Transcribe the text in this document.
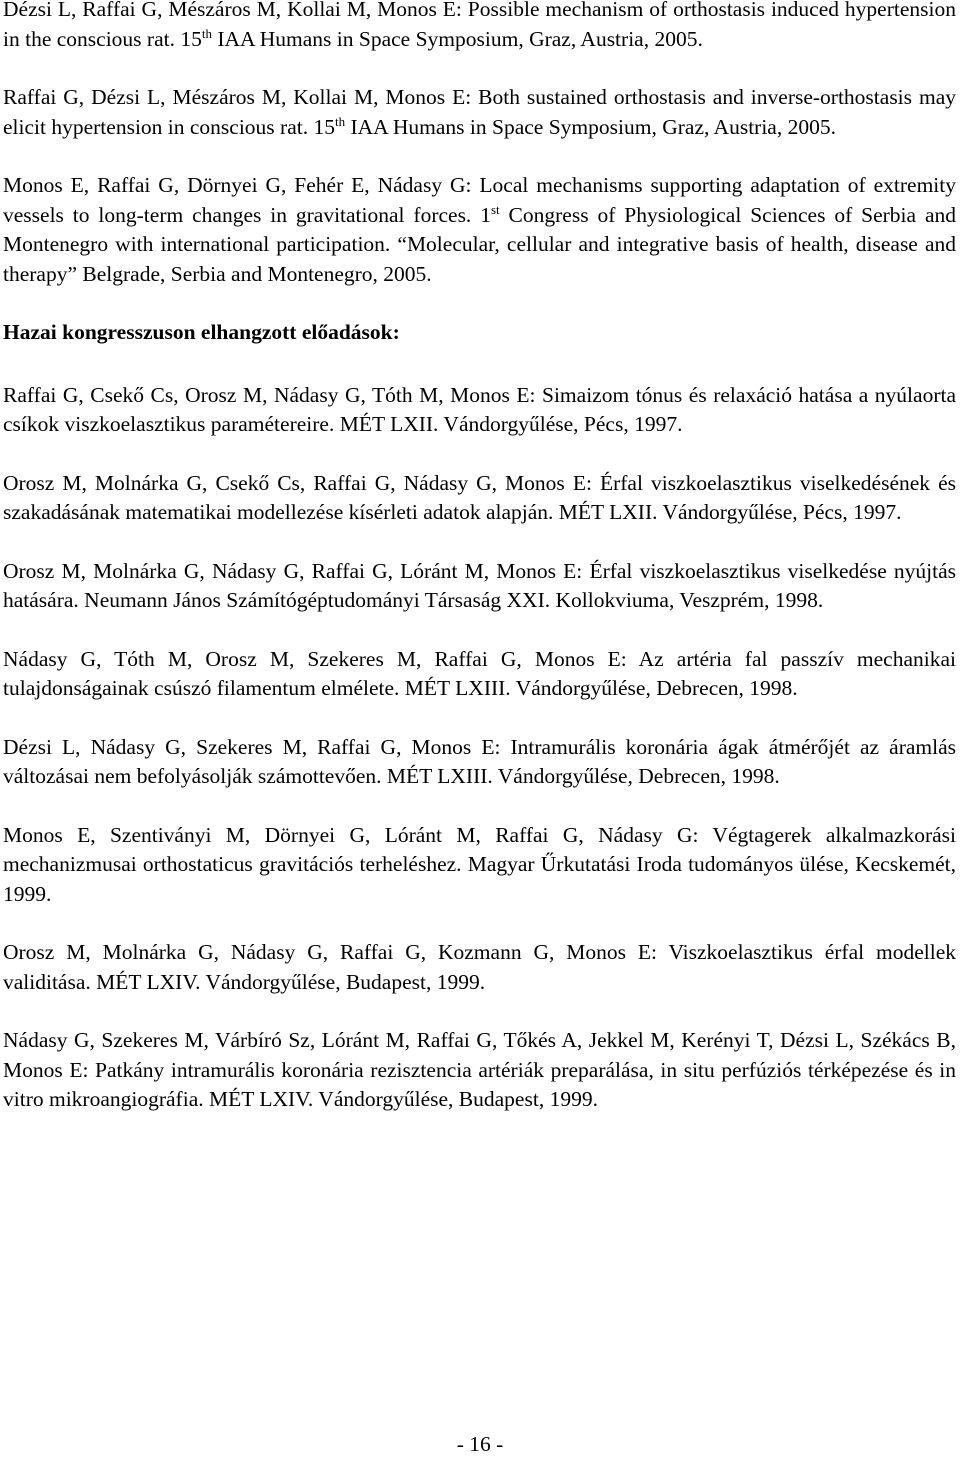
Dézsi L, Raffai G, Mészáros M, Kollai M, Monos E: Possible mechanism of orthostasis induced hypertension in the conscious rat. 15th IAA Humans in Space Symposium, Graz, Austria, 2005.

Raffai G, Dézsi L, Mészáros M, Kollai M, Monos E: Both sustained orthostasis and inverse-orthostasis may elicit hypertension in conscious rat. 15th IAA Humans in Space Symposium, Graz, Austria, 2005.

Monos E, Raffai G, Dörnyei G, Fehér E, Nádasy G: Local mechanisms supporting adaptation of extremity vessels to long-term changes in gravitational forces. 1st Congress of Physiological Sciences of Serbia and Montenegro with international participation. “Molecular, cellular and integrative basis of health, disease and therapy” Belgrade, Serbia and Montenegro, 2005.

Hazai kongresszuson elhangzott előadások:

Raffai G, Csekő Cs, Orosz M, Nádasy G, Tóth M, Monos E: Simaizom tónus és relaxáció hatása a nyúlaorta csíkok viszkoelasztikus paramétereire. MÉT LXII. Vándorgyűlése, Pécs, 1997.

Orosz M, Molnárka G, Csekő Cs, Raffai G, Nádasy G, Monos E: Érfal viszkoelasztikus viselkedésének és szakadásának matematikai modellezése kísérleti adatok alapján. MÉT LXII. Vándorgyűlése, Pécs, 1997.

Orosz M, Molnárka G, Nádasy G, Raffai G, Lóránt M, Monos E: Érfal viszkoelasztikus viselkedése nyújtás hatására. Neumann János Számítógéptudományi Társaság XXI. Kollokviuma, Veszprém, 1998.

Nádasy G, Tóth M, Orosz M, Szekeres M, Raffai G, Monos E: Az artéria fal passzív mechanikai tulajdonságainak csúszó filamentum elmélete. MÉT LXIII. Vándorgyűlése, Debrecen, 1998.

Dézsi L, Nádasy G, Szekeres M, Raffai G, Monos E: Intramurális koronária ágak átmérőjét az áramlás változásai nem befolyásolják számottevően. MÉT LXIII. Vándorgyűlése, Debrecen, 1998.

Monos E, Szentiványi M, Dörnyei G, Lóránt M, Raffai G, Nádasy G: Végtagerek alkalmazkorási mechanizmusai orthostaticus gravitációs terheléshez. Magyar Űrkutatási Iroda tudományos ülése, Kecskemét, 1999.

Orosz M, Molnárka G, Nádasy G, Raffai G, Kozmann G, Monos E: Viszkoelasztikus érfal modellek validitása. MÉT LXIV. Vándorgyűlése, Budapest, 1999.

Nádasy G, Szekeres M, Várbíró Sz, Lóránt M, Raffai G, Tőkés A, Jekkel M, Kerényi T, Dézsi L, Székács B, Monos E: Patkány intramurális koronária rezisztencia artériák preparálása, in situ perfúziós térképezése és in vitro mikroangiográfia. MÉT LXIV. Vándorgyűlése, Budapest, 1999.

- 16 -
